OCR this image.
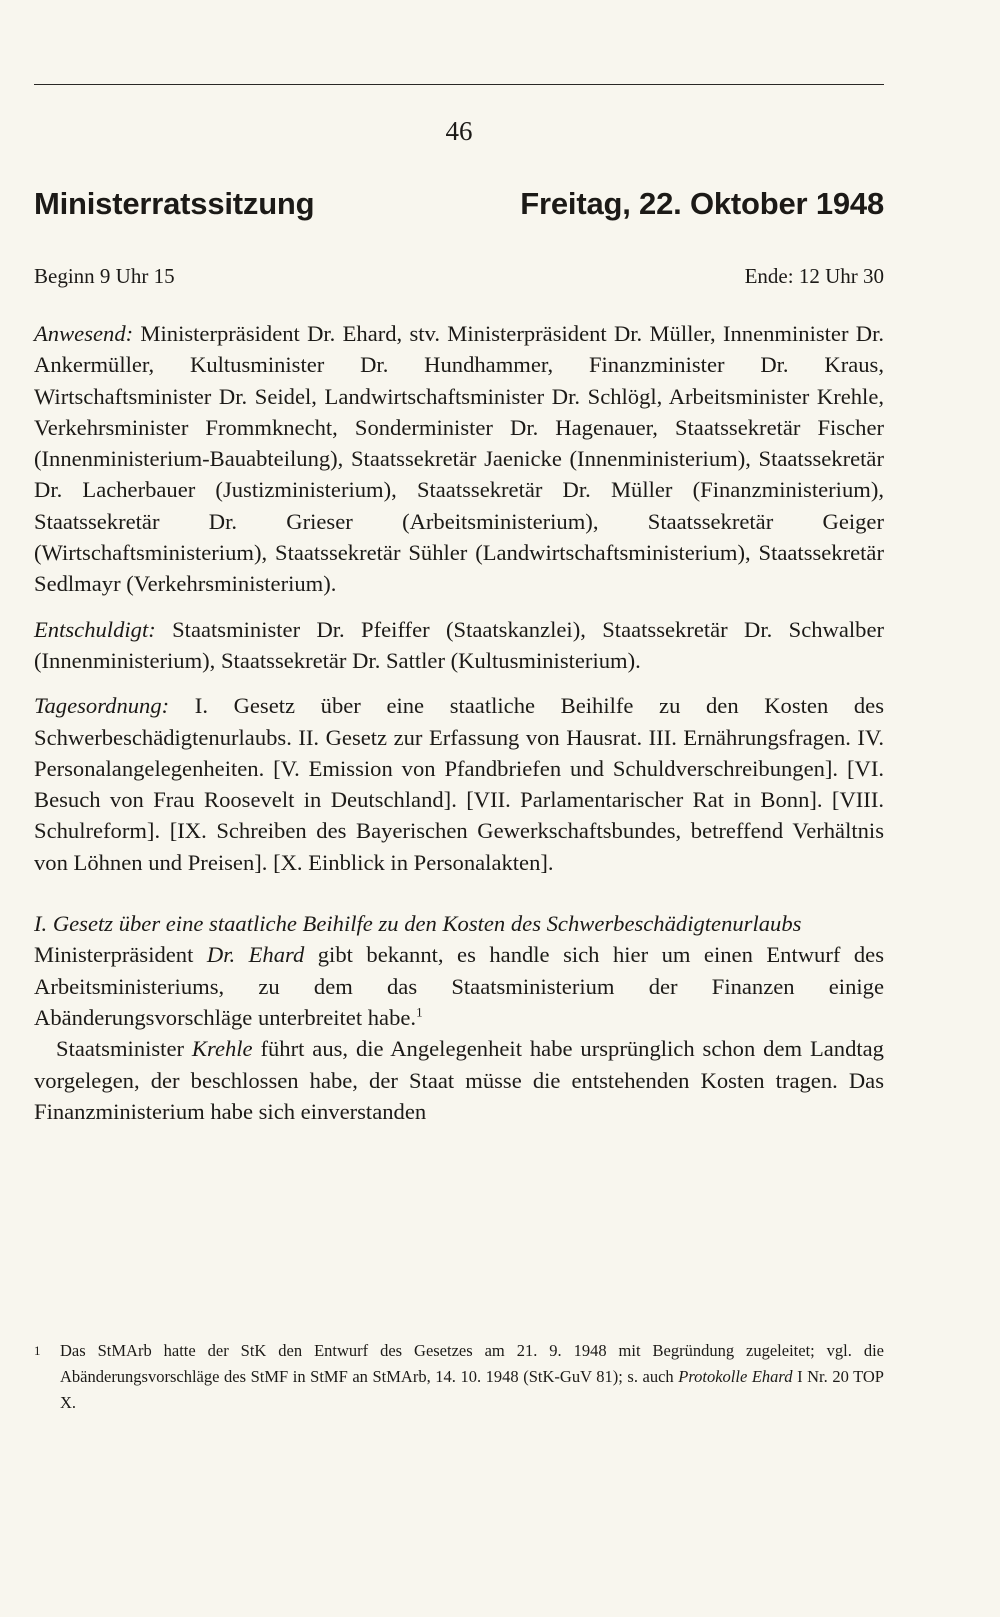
46
Ministerratssitzung	Freitag, 22. Oktober 1948
Beginn 9 Uhr 15	Ende: 12 Uhr 30

Anwesend: Ministerpräsident Dr. Ehard, stv. Ministerpräsident Dr. Müller, Innenminister Dr. Ankermüller, Kultusminister Dr. Hundhammer, Finanzminister Dr. Kraus, Wirtschaftsminister Dr. Seidel, Landwirtschaftsminister Dr. Schlögl, Arbeitsminister Krehle, Verkehrsminister Frommknecht, Sonderminister Dr. Hagenauer, Staatssekretär Fischer (Innenministerium-Bauabteilung), Staatssekretär Jaenicke (Innenministerium), Staatssekretär Dr. Lacherbauer (Justizministerium), Staatssekretär Dr. Müller (Finanzministerium), Staatssekretär Dr. Grieser (Arbeitsministerium), Staatssekretär Geiger (Wirtschaftsministerium), Staatssekretär Sühler (Landwirtschaftsministerium), Staatssekretär Sedlmayr (Verkehrsministerium).

Entschuldigt: Staatsminister Dr. Pfeiffer (Staatskanzlei), Staatssekretär Dr. Schwalber (Innenministerium), Staatssekretär Dr. Sattler (Kultusministerium).

Tagesordnung: I. Gesetz über eine staatliche Beihilfe zu den Kosten des Schwerbeschädigtenurlaubs. II. Gesetz zur Erfassung von Hausrat. III. Ernährungsfragen. IV. Personalangelegenheiten. [V. Emission von Pfandbriefen und Schuldverschreibungen]. [VI. Besuch von Frau Roosevelt in Deutschland]. [VII. Parlamentarischer Rat in Bonn]. [VIII. Schulreform]. [IX. Schreiben des Bayerischen Gewerkschaftsbundes, betreffend Verhältnis von Löhnen und Preisen]. [X. Einblick in Personalakten].

I. Gesetz über eine staatliche Beihilfe zu den Kosten des Schwerbeschädigtenurlaubs

Ministerpräsident Dr. Ehard gibt bekannt, es handle sich hier um einen Entwurf des Arbeitsministeriums, zu dem das Staatsministerium der Finanzen einige Abänderungsvorschläge unterbreitet habe.$^1$

Staatsminister Krehle führt aus, die Angelegenheit habe ursprünglich schon dem Landtag vorgelegen, der beschlossen habe, der Staat müsse die entstehenden Kosten tragen. Das Finanzministerium habe sich einverstanden

1 Das StMArb hatte der StK den Entwurf des Gesetzes am 21. 9. 1948 mit Begründung zugeleitet; vgl. die Abänderungsvorschläge des StMF in StMF an StMArb, 14. 10. 1948 (StK-GuV 81); s. auch Protokolle Ehard I Nr. 20 TOP X.
